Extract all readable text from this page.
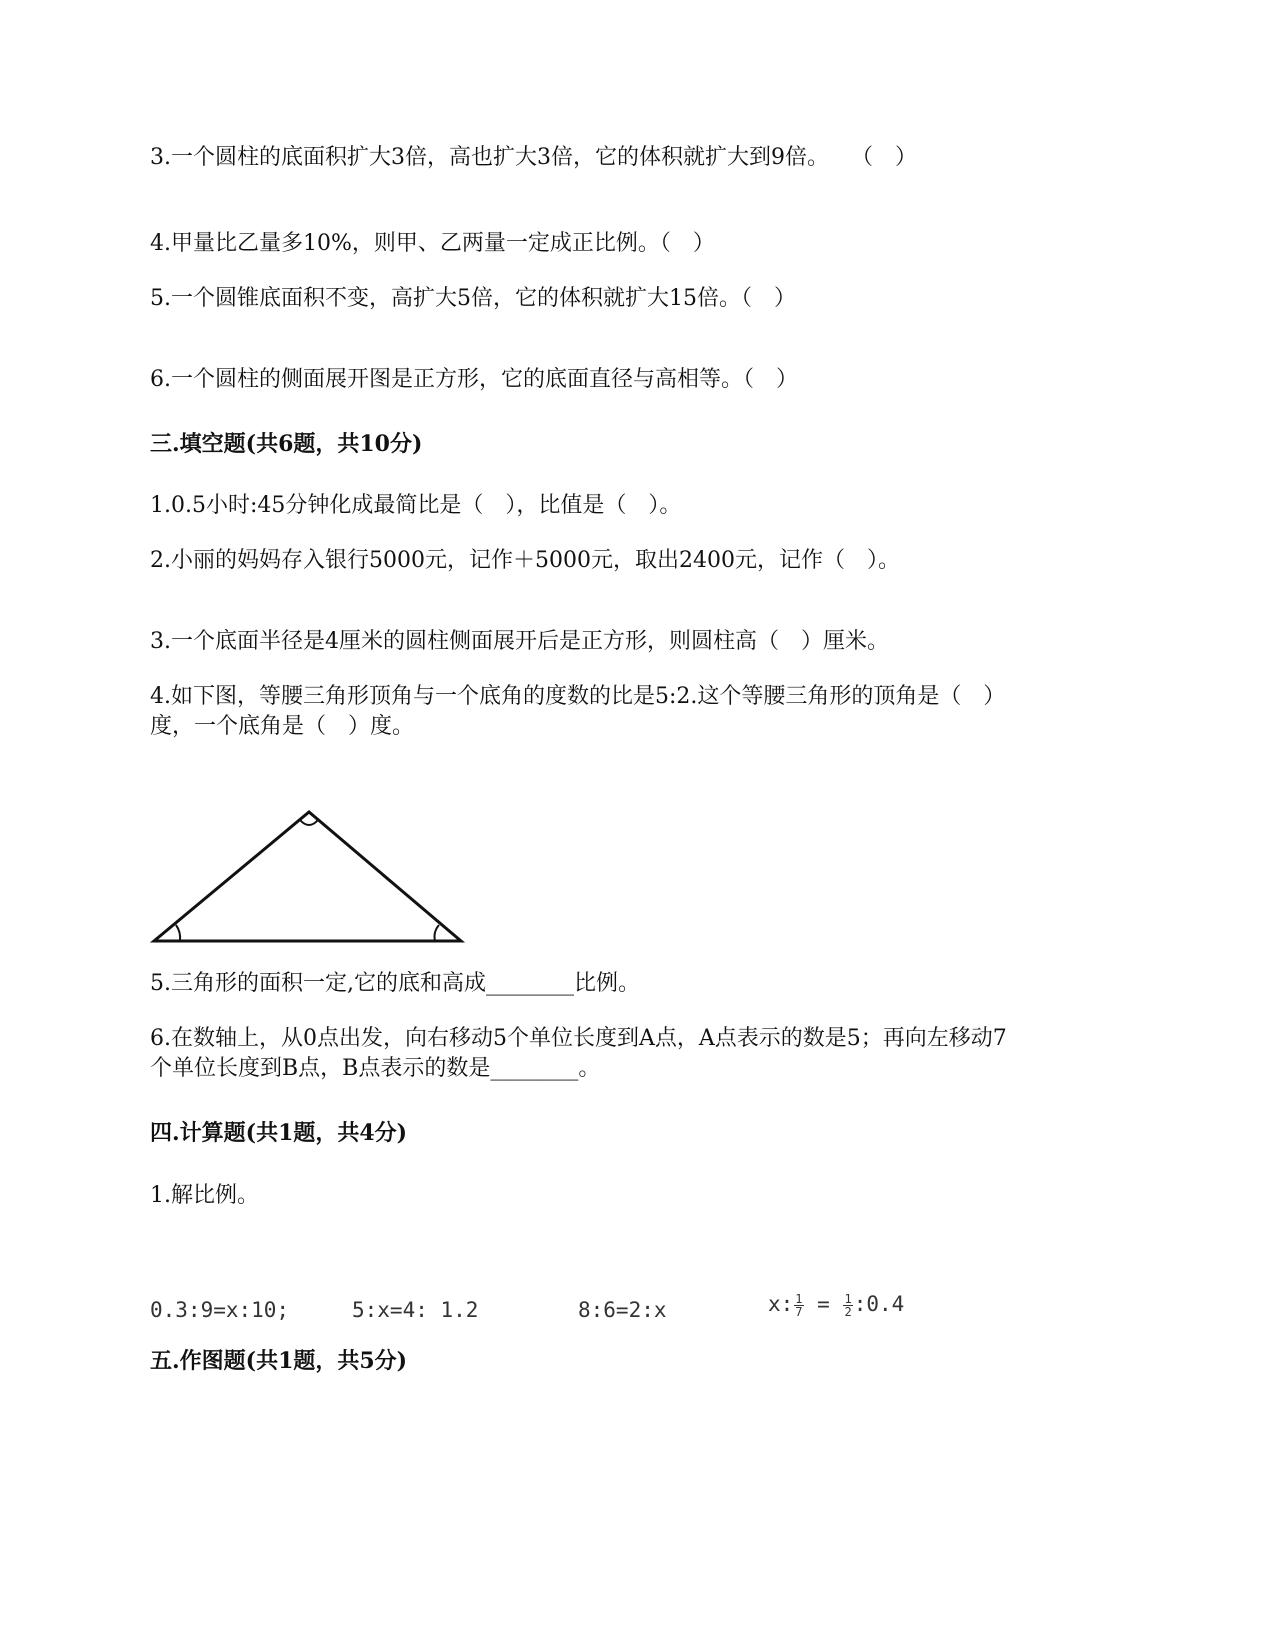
3.一个圆柱的底面积扩大3倍，高也扩大3倍，它的体积就扩大到9倍。　　（　）
4.甲量比乙量多10%，则甲、乙两量一定成正比例。（　）
5.一个圆锥底面积不变，高扩大5倍，它的体积就扩大15倍。（　）
6.一个圆柱的侧面展开图是正方形，它的底面直径与高相等。（　）
三.填空题(共6题，共10分)
1.0.5小时:45分钟化成最简比是（　），比值是（　）。
2.小丽的妈妈存入银行5000元，记作＋5000元，取出2400元，记作（　）。
3.一个底面半径是4厘米的圆柱侧面展开后是正方形，则圆柱高（　）厘米。
4.如下图，等腰三角形顶角与一个底角的度数的比是5:2.这个等腰三角形的顶角是（　）
度，一个底角是（　）度。
5.三角形的面积一定,它的底和高成________比例。
6.在数轴上，从0点出发，向右移动5个单位长度到A点，A点表示的数是5；再向左移动7
个单位长度到B点，B点表示的数是________。
四.计算题(共1题，共4分)
1.解比例。
0.3:9=x:10;	5:x=4: 1.2	8:6=2:x	x: $\frac{1}{7} = \frac{1}{2}$ :0.4
五.作图题(共1题，共5分)
